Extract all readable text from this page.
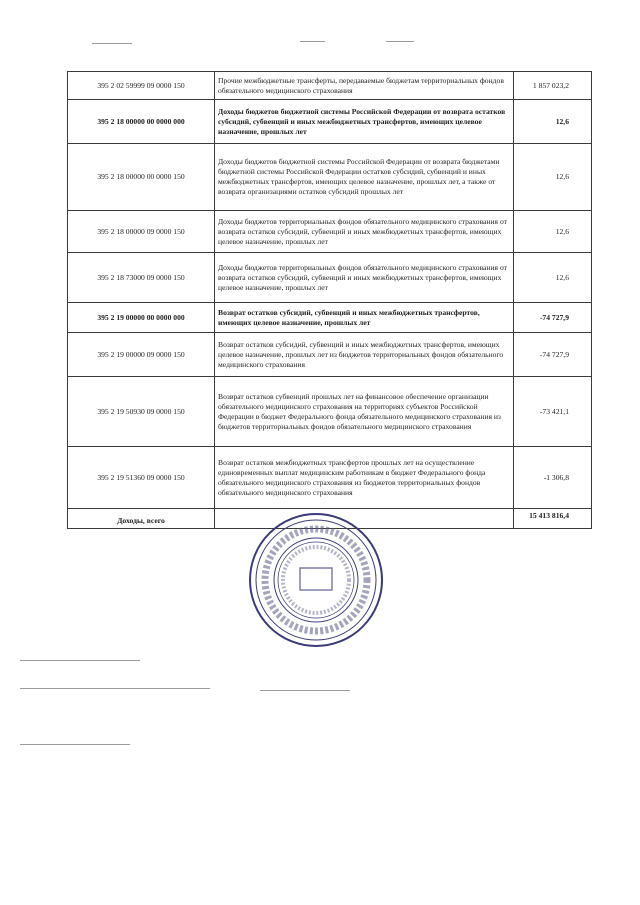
395 2 02 59999 09 0000 150	Прочие межбюджетные трансферты, передаваемые бюджетам территориальных фондов обязательного медицинского страхования	1 857 023,2
395 2 18 00000 00 0000 000	Доходы бюджетов бюджетной системы Российской Федерации от возврата остатков субсидий, субвенций и иных межбюджетных трансфертов, имеющих целевое назначение, прошлых лет	12,6
395 2 18 00000 00 0000 150	Доходы бюджетов бюджетной системы Российской Федерации от возврата бюджетами бюджетной системы Российской Федерации остатков субсидий, субвенций и иных межбюджетных трансфертов, имеющих целевое назначение, прошлых лет, а также от возврата организациями остатков субсидий прошлых лет	12,6
395 2 18 00000 09 0000 150	Доходы бюджетов территориальных фондов обязательного медицинского страхования от возврата остатков субсидий, субвенций и иных межбюджетных трансфертов, имеющих целевое назначение, прошлых лет	12,6
395 2 18 73000 09 0000 150	Доходы бюджетов территориальных фондов обязательного медицинского страхования от возврата остатков субсидий, субвенций и иных межбюджетных трансфертов, имеющих целевое назначение, прошлых лет	12,6
395 2 19 00000 00 0000 000	Возврат остатков субсидий, субвенций и иных межбюджетных трансфертов, имеющих целевое назначение, прошлых лет	-74 727,9
395 2 19 00000 09 0000 150	Возврат остатков субсидий, субвенций и иных межбюджетных трансфертов, имеющих целевое назначение, прошлых лет из бюджетов территориальных фондов обязательного медицинского страхования	-74 727,9
395 2 19 50930 09 0000 150	Возврат остатков субвенций прошлых лет на финансовое обеспечение организации обязательного медицинского страхования на территориях субъектов Российской Федерации в бюджет Федерального фонда обязательного медицинского страхования из бюджетов территориальных фондов обязательного медицинского страхования	-73 421,1
395 2 19 51360 09 0000 150	Возврат остатков межбюджетных трансфертов прошлых лет на осуществление единовременных выплат медицинским работникам в бюджет Федерального фонда обязательного медицинского страхования из бюджетов территориальных фондов обязательного медицинского страхования	-1 306,8
Доходы, всего		15 413 816,4
